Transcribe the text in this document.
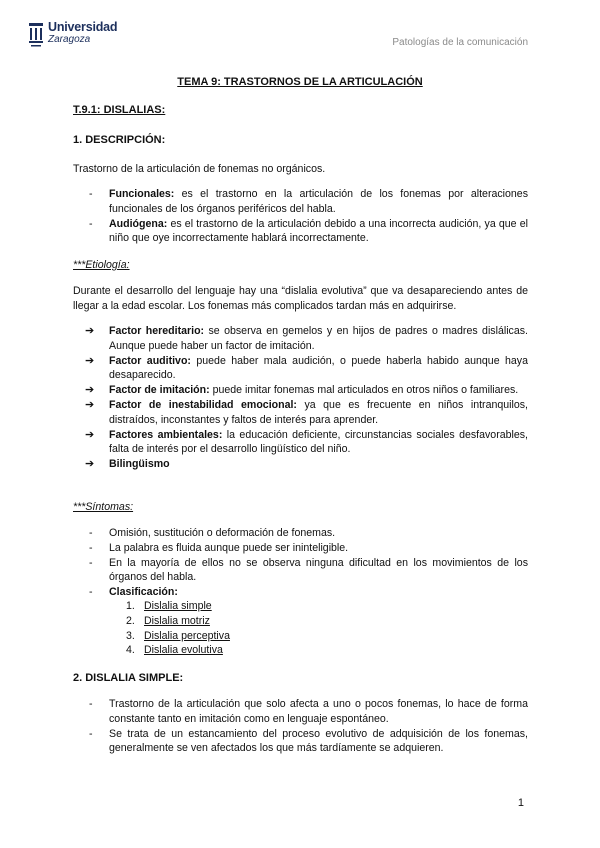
Universidad
Zaragoza	Patologías de la comunicación
TEMA 9: TRASTORNOS DE LA ARTICULACIÓN
T.9.1: DISLALIAS:
1. DESCRIPCIÓN:
Trastorno de la articulación de fonemas no orgánicos.
-	Funcionales: es el trastorno en la articulación de los fonemas por alteraciones funcionales de los órganos periféricos del habla.
-	Audiógena: es el trastorno de la articulación debido a una incorrecta audición, ya que el niño que oye incorrectamente hablará incorrectamente.
***Etiología:
Durante el desarrollo del lenguaje hay una “dislalia evolutiva” que va desapareciendo antes de llegar a la edad escolar. Los fonemas más complicados tardan más en adquirirse.
➔	Factor hereditario: se observa en gemelos y en hijos de padres o madres dislálicas. Aunque puede haber un factor de imitación.
➔	Factor auditivo: puede haber mala audición, o puede haberla habido aunque haya desaparecido.
➔	Factor de imitación: puede imitar fonemas mal articulados en otros niños o familiares.
➔	Factor de inestabilidad emocional: ya que es frecuente en niños intranquilos, distraídos, inconstantes y faltos de interés para aprender.
➔	Factores ambientales: la educación deficiente, circunstancias sociales desfavorables, falta de interés por el desarrollo lingüístico del niño.
➔	Bilingüismo
***Síntomas:
-	Omisión, sustitución o deformación de fonemas.
-	La palabra es fluida aunque puede ser ininteligible.
-	En la mayoría de ellos no se observa ninguna dificultad en los movimientos de los órganos del habla.
-	Clasificación:
1. Dislalia simple
2. Dislalia motriz
3. Dislalia perceptiva
4. Dislalia evolutiva
2. DISLALIA SIMPLE:
-	Trastorno de la articulación que solo afecta a uno o pocos fonemas, lo hace de forma constante tanto en imitación como en lenguaje espontáneo.
-	Se trata de un estancamiento del proceso evolutivo de adquisición de los fonemas, generalmente se ven afectados los que más tardíamente se adquieren.
1
